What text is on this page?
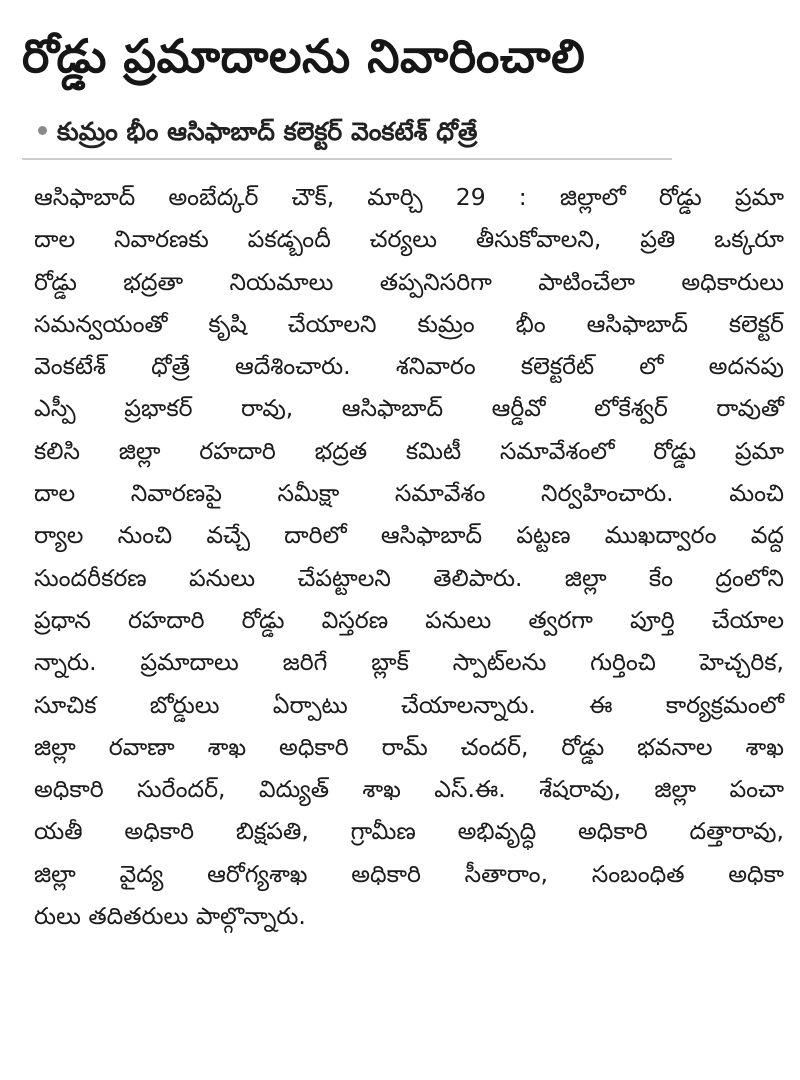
రోడ్డు ప్రమాదాలను నివారించాలి
కుమ్రం భీం ఆసిఫాబాద్ కలెక్టర్ వెంకటేశ్ ధోత్రే
ఆసిఫాబాద్ అంబేద్కర్ చౌక్, మార్చి 29 : జిల్లాలో రోడ్డు ప్రమా
దాల నివారణకు పకడ్బందీ చర్యలు తీసుకోవాలని, ప్రతి ఒక్కరూ
రోడ్డు భద్రతా నియమాలు తప్పనిసరిగా పాటించేలా అధికారులు
సమన్వయంతో కృషి చేయాలని కుమ్రం భీం ఆసిఫాబాద్ కలెక్టర్
వెంకటేశ్ ధోత్రే ఆదేశించారు. శనివారం కలెక్టరేట్ లో అదనపు
ఎస్పీ ప్రభాకర్ రావు, ఆసిఫాబాద్ ఆర్డీవో లోకేశ్వర్ రావుతో
కలిసి జిల్లా రహదారి భద్రత కమిటీ సమావేశంలో రోడ్డు ప్రమా
దాల నివారణపై సమీక్షా సమావేశం నిర్వహించారు. మంచి
ర్యాల నుంచి వచ్చే దారిలో ఆసిఫాబాద్ పట్టణ ముఖద్వారం వద్ద
సుందరీకరణ పనులు చేపట్టాలని తెలిపారు. జిల్లా కేం ద్రంలోని
ప్రధాన రహదారి రోడ్డు విస్తరణ పనులు త్వరగా పూర్తి చేయాల
న్నారు. ప్రమాదాలు జరిగే బ్లాక్ స్పాట్‌లను గుర్తించి హెచ్చరిక,
సూచిక బోర్డులు ఏర్పాటు చేయాలన్నారు. ఈ కార్యక్రమంలో
జిల్లా రవాణా శాఖ అధికారి రామ్ చందర్, రోడ్డు భవనాల శాఖ
అధికారి సురేందర్, విద్యుత్ శాఖ ఎస్.ఈ. శేషరావు, జిల్లా పంచా
యతీ అధికారి బిక్షపతి, గ్రామీణ అభివృద్ధి అధికారి దత్తారావు,
జిల్లా వైద్య ఆరోగ్యశాఖ అధికారి సీతారాం, సంబంధిత అధికా
రులు తదితరులు పాల్గొన్నారు.
